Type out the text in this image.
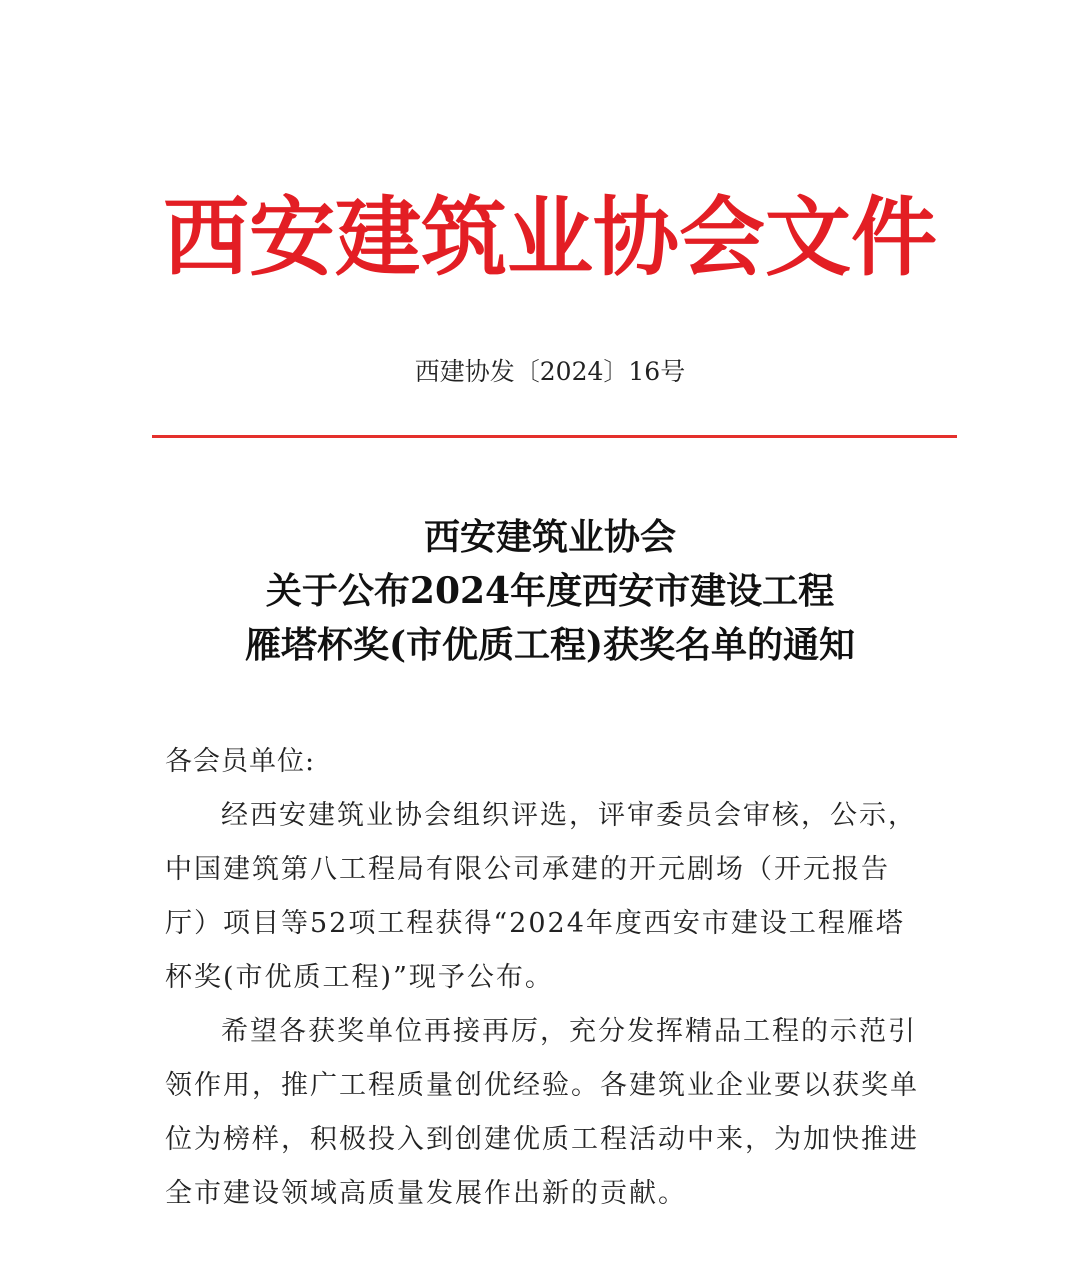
西安建筑业协会文件
西建协发〔2024〕16号
西安建筑业协会
关于公布2024年度西安市建设工程
雁塔杯奖(市优质工程)获奖名单的通知

各会员单位:

经西安建筑业协会组织评选，评审委员会审核，公示，中国建筑第八工程局有限公司承建的开元剧场（开元报告厅）项目等52项工程获得“2024年度西安市建设工程雁塔杯奖(市优质工程)”现予公布。

希望各获奖单位再接再厉，充分发挥精品工程的示范引领作用，推广工程质量创优经验。各建筑业企业要以获奖单位为榜样，积极投入到创建优质工程活动中来，为加快推进全市建设领域高质量发展作出新的贡献。
